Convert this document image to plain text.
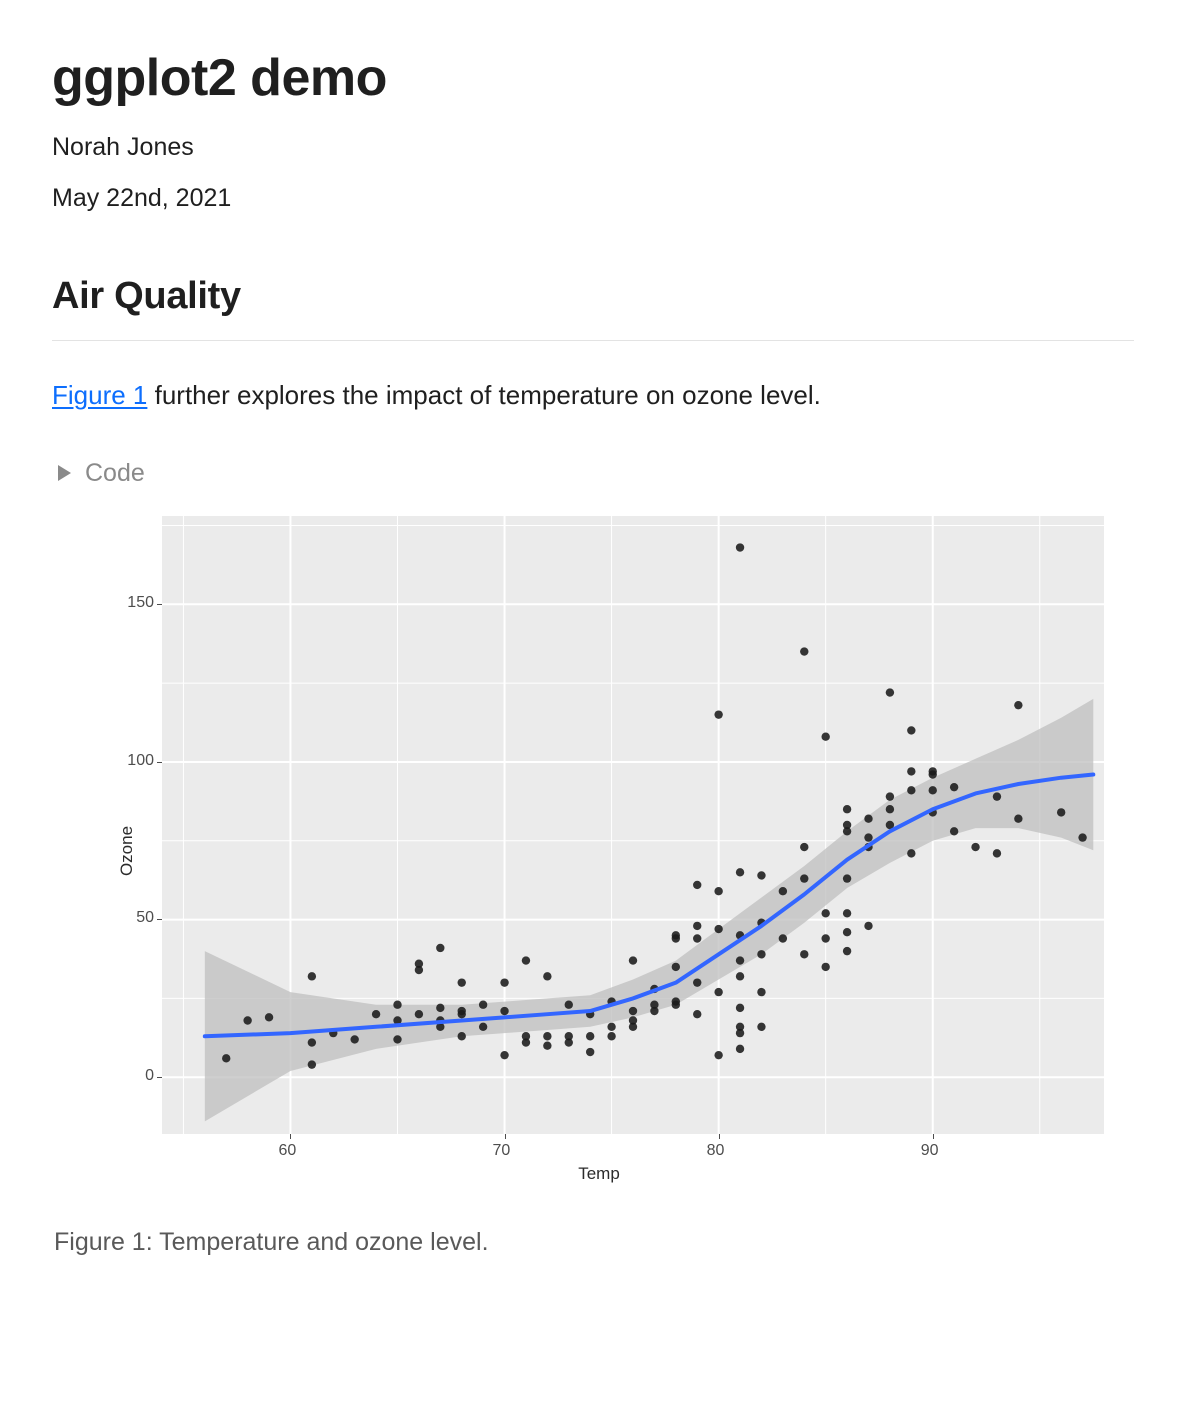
ggplot2 demo
Norah Jones
May 22nd, 2021
Air Quality

Figure 1 further explores the impact of temperature on ozone level.

Code
Ozone
Temp
0
50
100
150
60	70	80	90
Figure 1: Temperature and ozone level.
